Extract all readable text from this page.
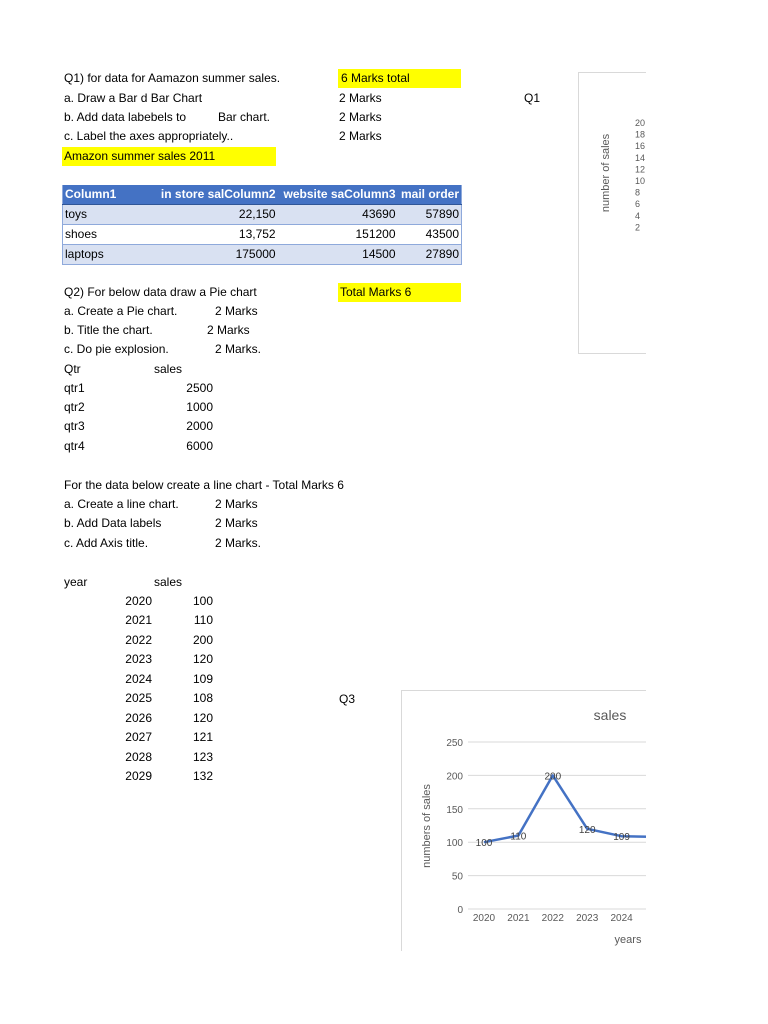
Q1) for data for Aamazon summer sales.	6 Marks total
a. Draw a Bar d Bar Chart	2 Marks	Q1
b. Add data labebels to	Bar chart.	2 Marks
c. Label the axes appropriately..	2 Marks
Amazon summer sales 2011
Column1	in store salColumn2	website saColumn3	mail order
toys	22,150	43690	57890
shoes	13,752	151200	43500
laptops	175000	14500	27890
Q2) For below data draw a Pie chart	Total Marks 6
a. Create a Pie chart.	2 Marks
b. Title the chart.	2 Marks
c. Do pie explosion.	2 Marks.
Qtr	sales
qtr1	2500
qtr2	1000
qtr3	2000
qtr4	6000
For the data below create a line chart - Total Marks 6
a. Create a line chart.	2 Marks
b. Add Data labels	2 Marks
c. Add Axis title.	2 Marks.
year	sales
Q3
2020	100
2021	110
2022	200
2023	120
2024	109
2025	108
2026	120
2027	121
2028	123
2029	132
number of sales
20
18
16
14
12
10
8
6
4
2
sales
numbers of sales
years
0
50
100
150
200
250
2020 2021 2022 2023 2024
100
110
200
120
109
